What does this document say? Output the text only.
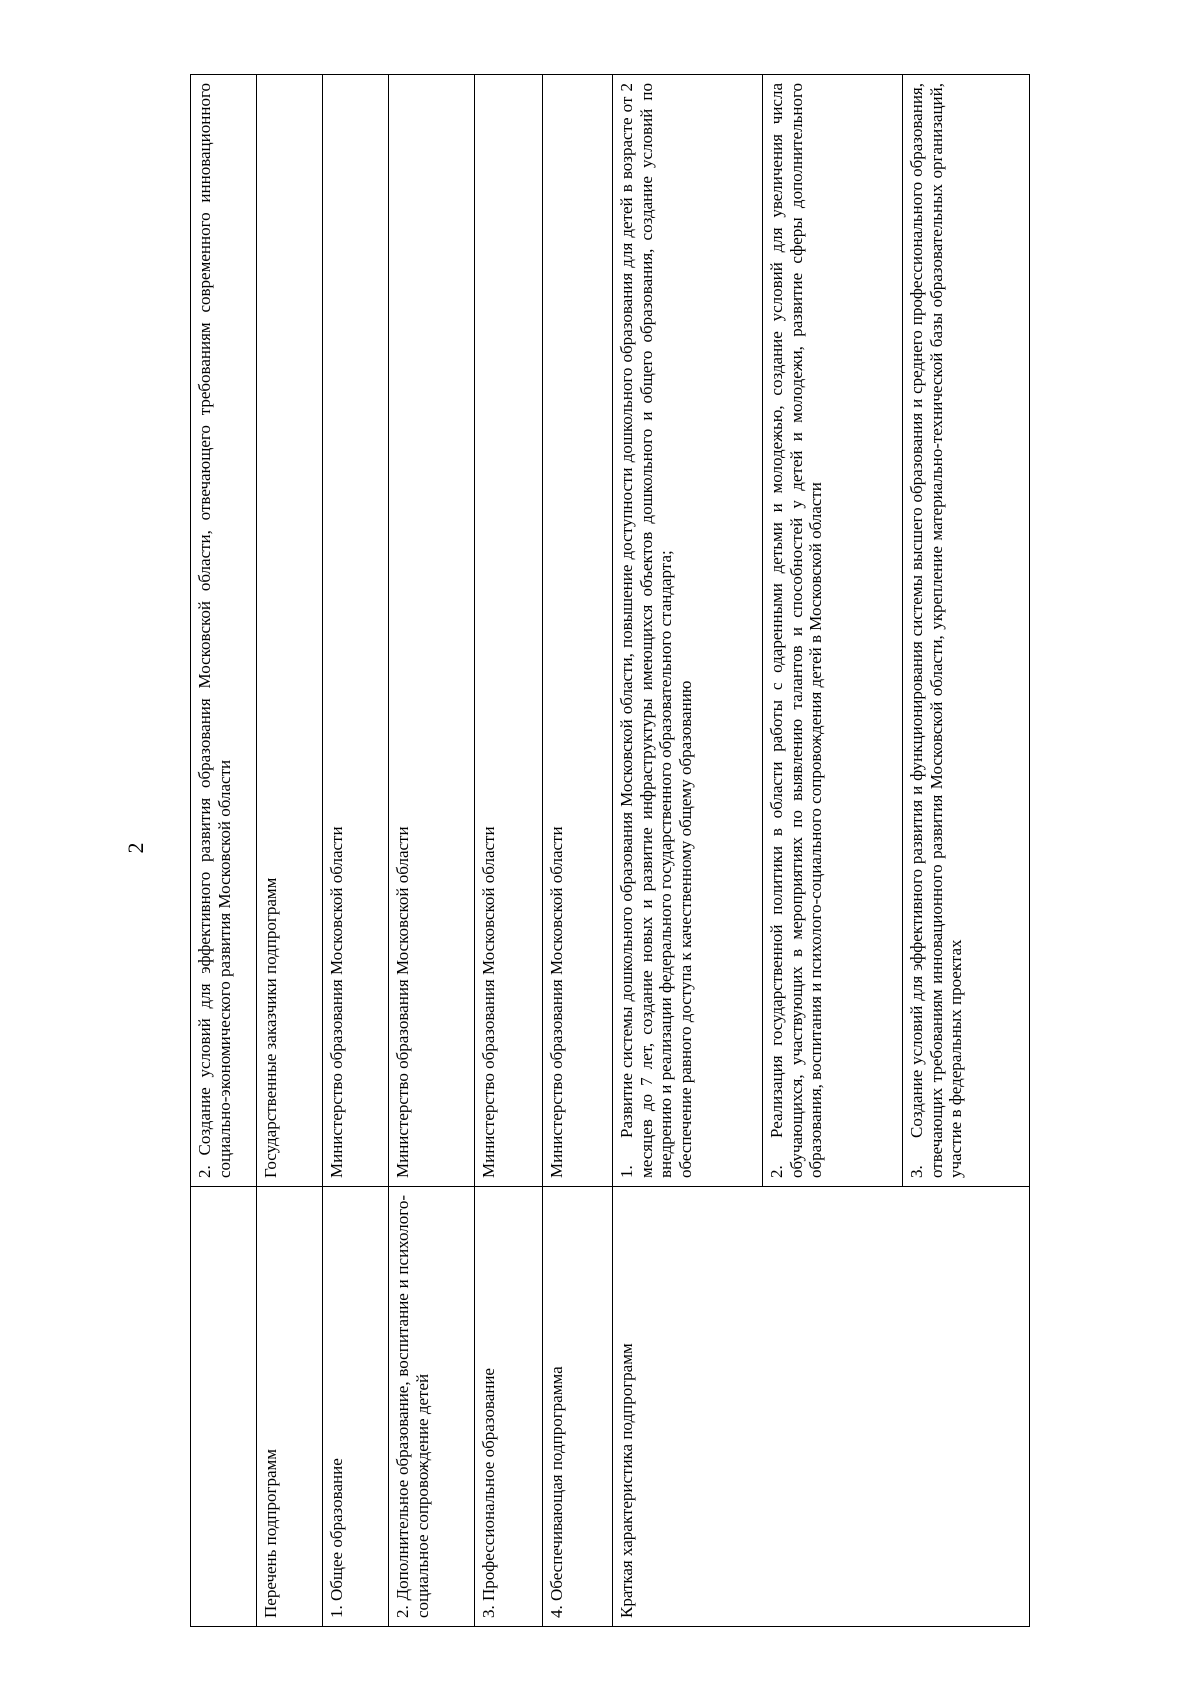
2

	2. Создание условий для эффективного развития образования Московской области, отвечающего требованиям современного инновационного социально-экономического развития Московской области

Перечень подпрограмм	Государственные заказчики подпрограмм
1. Общее образование	Министерство образования Московской области
2. Дополнительное образование, воспитание и психолого-социальное сопровождение детей	Министерство образования Московской области
3. Профессиональное образование	Министерство образования Московской области
4. Обеспечивающая подпрограмма	Министерство образования Московской области
Краткая характеристика подпрограмм	1.Развитие системы дошкольного образования Московской области, повышение доступности дошкольного образования для детей в возрасте от 2 месяцев до 7 лет, создание новых и развитие инфраструктуры имеющихся объектов дошкольного и общего образования, создание условий по внедрению и реализации федерального государственного образовательного стандарта; обеспечение равного доступа к качественному общему образованию

	2.Реализация государственной политики в области работы с одаренными детьми и молодежью, создание условий для увеличения числа обучающихся, участвующих в мероприятиях по выявлению талантов и способностей у детей и молодежи, развитие сферы дополнительного образования, воспитания и психолого-социального сопровождения детей в Московской области

	3.Создание условий для эффективного развития и функционирования системы высшего образования и среднего профессионального образования, отвечающих требованиям инновационного развития Московской области, укрепление материально-технической базы образовательных организаций, участие в федеральных проектах
